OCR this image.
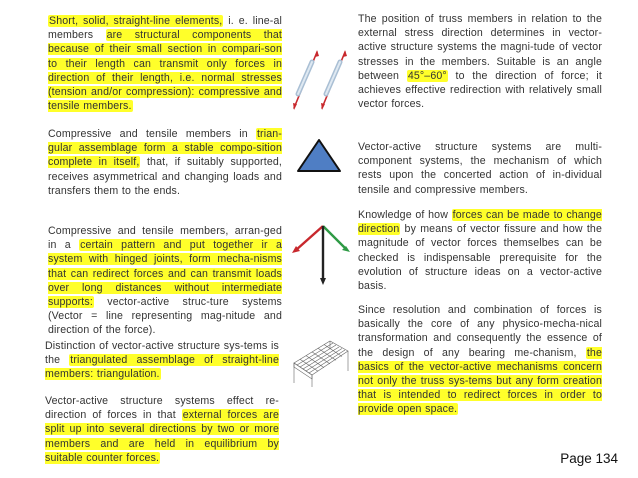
Short, solid, straight-line elements, i. e. line-al members are structural components that because of their small section in compari-son to their length can transmit only forces in direction of their length, i.e. normal stresses (tension and/or compression): compressive and tensile members.
Compressive and tensile members in trian-gular assemblage form a stable compo-sition complete in itself, that, if suitably supported, receives asymmetrical and changing loads and transfers them to the ends.
Compressive and tensile members, arran-ged in a certain pattern and put together ir a system with hinged joints, form mecha-nisms that can redirect forces and can transmit loads over long distances without intermediate supports: vector-active struc-ture systems (Vector = line representing mag-nitude and direction of the force).
Distinction of vector-active structure sys-tems is the triangulated assemblage of straight-line members: triangulation.
Vector-active structure systems effect re-direction of forces in that external forces are split up into several directions by two or more members and are held in equilibrium by suitable counter forces.
The position of truss members in relation to the external stress direction determines in vector-active structure systems the magni-tude of vector stresses in the members. Suitable is an angle between 45°–60° to the direction of force; it achieves effective redirection with relatively small vector forces.
Vector-active structure systems are multi-component systems, the mechanism of which rests upon the concerted action of in-dividual tensile and compressive members.
Knowledge of how forces can be made to change direction by means of vector fissure and how the magnitude of vector forces themselbes can be checked is indispensable prerequisite for the evolution of structure ideas on a vector-active basis.
Since resolution and combination of forces is basically the core of any physico-mecha-nical transformation and consequently the essence of the design of any bearing me-chanism, the basics of the vector-active mechanisms concern not only the truss sys-tems but any form creation that is intended to redirect forces in order to provide open space.
Page 134
